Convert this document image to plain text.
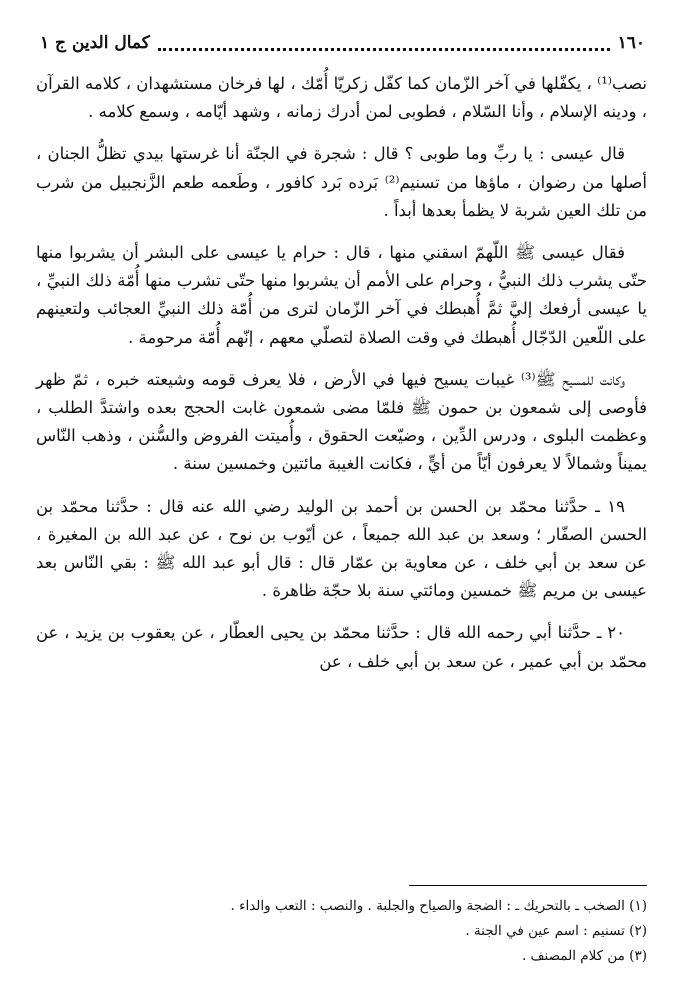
١٦٠
كمال الدين ج ١

نصب⁽¹⁾ ، يكفّلها في آخر الزّمان كما كفّل زكريّا أُمّك ، لها فرخان مستشهدان ، كلامه القرآن ، ودينه الإسلام ، وأنا السّلام ، فطوبى لمن أدرك زمانه ، وشهد أيّامه ، وسمع كلامه .

قال عيسى : يا ربِّ وما طوبى ؟ قال : شجرة في الجنّة أنا غرستها بيدي تظلُّ الجنان ، أصلها من رضوان ، ماؤها من تسنيم⁽²⁾ بَرده بَرد كافور ، وطَعمه طعم الزَّنجبيل من شرب من تلك العين شربة لا يظمأ بعدها أبداً .

فقال عيسى ﷺ اللّهمّ اسقني منها ، قال : حرام يا عيسى على البشر أن يشربوا منها حتّى يشرب ذلك النبيُّ ، وحرام على الأمم أن يشربوا منها حتّى تشرب منها أُمّة ذلك النبيِّ ، يا عيسى أرفعك إليَّ ثمَّ أُهبطك في آخر الزّمان لترى من أُمّة ذلك النبيِّ العجائب ولتعينهم على اللّعين الدّجّال أُهبطك في وقت الصلاة لتصلّي معهم ، إنّهم أُمّة مرحومة .

وكانت للمسيح ﷺ⁽³⁾ غيبات يسيح فيها في الأرض ، فلا يعرف قومه وشيعته خبره ، ثمّ ظهر فأوصى إلى شمعون بن حمون ﷺ فلمّا مضى شمعون غابت الحجج بعده واشتدَّ الطلب ، وعظمت البلوى ، ودرس الدِّين ، وضيّعت الحقوق ، وأُميتت الفروض والسُّنن ، وذهب النّاس يميناً وشمالاً لا يعرفون أيّاً من أيٍّ ، فكانت الغيبة مائتين وخمسين سنة .

١٩ ـ حدَّثنا محمّد بن الحسن بن أحمد بن الوليد رضي الله عنه قال : حدَّثنا محمّد بن الحسن الصفّار ؛ وسعد بن عبد الله جميعاً ، عن أيّوب بن نوح ، عن عبد الله بن المغيرة ، عن سعد بن أبي خلف ، عن معاوية بن عمّار قال : قال أبو عبد الله ﷺ : بقي النّاس بعد عيسى بن مريم ﷺ خمسين ومائتي سنة بلا حجّة ظاهرة .

٢٠ ـ حدَّثنا أبي رحمه الله قال : حدَّثنا محمّد بن يحيى العطّار ، عن يعقوب بن يزيد ، عن محمّد بن أبي عمير ، عن سعد بن أبي خلف ، عن

(١) الصخب ـ بالتحريك ـ : الضجة والصياح والجلبة . والنصب : التعب والداء .

(٢) تسنيم : اسم عين في الجنة .

(٣) من كلام المصنف .
